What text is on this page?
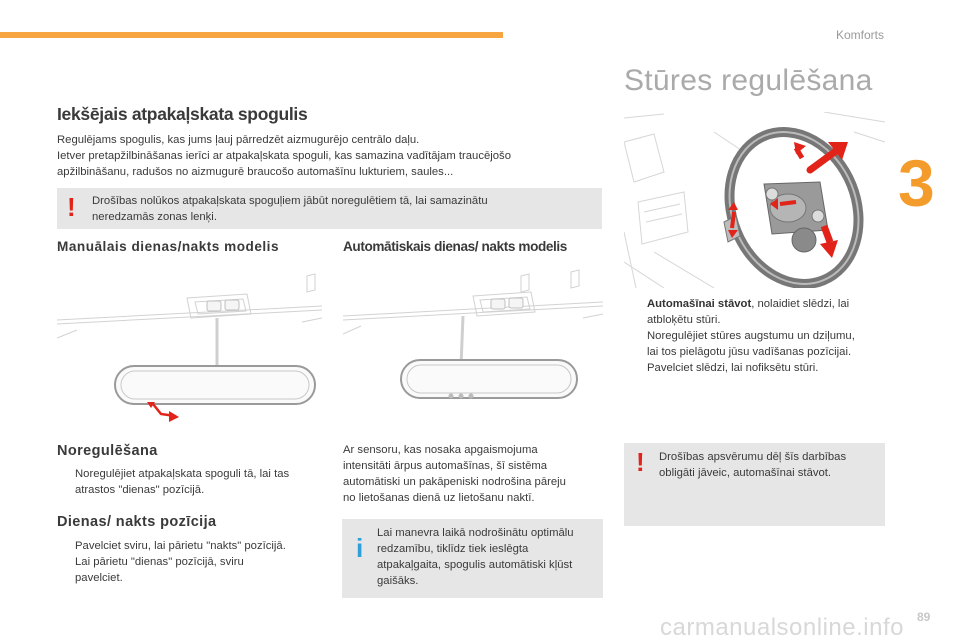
Komforts
3
Iekšējais atpakaļskata spogulis
Regulējams spogulis, kas jums ļauj pārredzēt aizmugurējo centrālo daļu.
Ietver pretapžilbināšanas ierīci ar atpakaļskata spoguli, kas samazina vadītājam traucējošo
apžilbināšanu, radušos no aizmugurē braucošo automašīnu lukturiem, saules...
! Drošības nolūkos atpakaļskata spoguļiem jābūt noregulētiem tā, lai samazinātu
neredzamās zonas lenķi.
Manuālais dienas/nakts modelis	Automātiskais dienas/ nakts modelis
Noregulēšana
Noregulējiet atpakaļskata spoguli tā, lai tas
atrastos "dienas" pozīcijā.
Dienas/ nakts pozīcija
Pavelciet sviru, lai pārietu "nakts" pozīcijā.
Lai pārietu "dienas" pozīcijā, sviru
pavelciet.
Ar sensoru, kas nosaka apgaismojuma
intensitāti ārpus automašīnas, šī sistēma
automātiski un pakāpeniski nodrošina pāreju
no lietošanas dienā uz lietošanu naktī.
i Lai manevra laikā nodrošinātu optimālu
redzamību, tiklīdz tiek ieslēgta
atpakaļgaita, spogulis automātiski kļūst
gaišāks.
Stūres regulēšana
Automašīnai stāvot, nolaidiet slēdzi, lai
atbloķētu stūri.
Noregulējiet stūres augstumu un dziļumu,
lai tos pielāgotu jūsu vadīšanas pozīcijai.
Pavelciet slēdzi, lai nofiksētu stūri.
! Drošības apsvērumu dēļ šīs darbības
obligāti jāveic, automašīnai stāvot.
carmanualsonline.info 89
